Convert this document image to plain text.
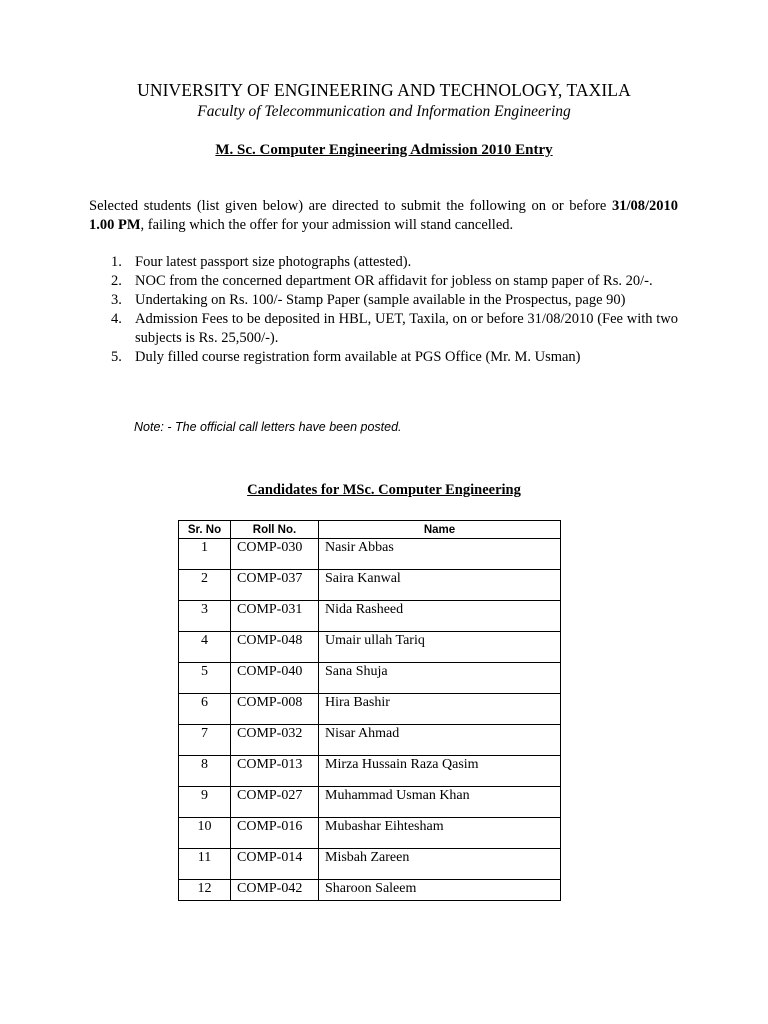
UNIVERSITY OF ENGINEERING AND TECHNOLOGY, TAXILA
Faculty of Telecommunication and Information Engineering
M. Sc. Computer Engineering Admission 2010 Entry
Selected students (list given below) are directed to submit the following on or before 31/08/2010 1.00 PM, failing which the offer for your admission will stand cancelled.
1. Four latest passport size photographs (attested).
2. NOC from the concerned department OR affidavit for jobless on stamp paper of Rs. 20/-.
3. Undertaking on Rs. 100/- Stamp Paper (sample available in the Prospectus, page 90)
4. Admission Fees to be deposited in HBL, UET, Taxila, on or before 31/08/2010 (Fee with two subjects is Rs. 25,500/-).
5. Duly filled course registration form available at PGS Office (Mr. M. Usman)
Note: - The official call letters have been posted.
Candidates for MSc. Computer Engineering
Sr. No	Roll No.	Name
1	COMP-030	Nasir Abbas
2	COMP-037	Saira Kanwal
3	COMP-031	Nida Rasheed
4	COMP-048	Umair ullah Tariq
5	COMP-040	Sana Shuja
6	COMP-008	Hira Bashir
7	COMP-032	Nisar Ahmad
8	COMP-013	Mirza Hussain Raza Qasim
9	COMP-027	Muhammad Usman Khan
10	COMP-016	Mubashar Eihtesham
11	COMP-014	Misbah Zareen
12	COMP-042	Sharoon Saleem
